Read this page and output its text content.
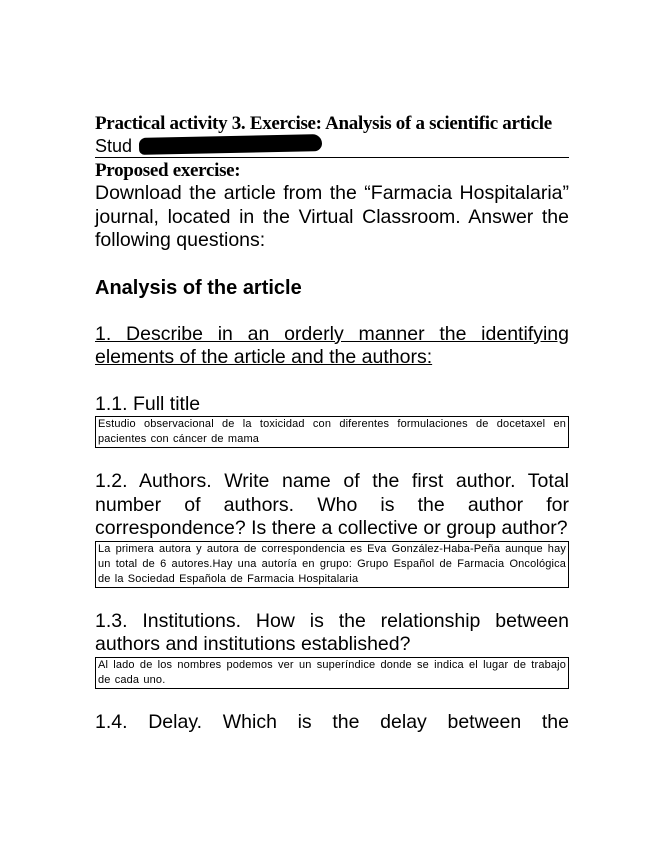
Practical activity 3. Exercise: Analysis of a scientific article
Stud
Proposed exercise:
Download the article from the “Farmacia Hospitalaria” journal, located in the Virtual Classroom. Answer the following questions:
Analysis of the article
1. Describe in an orderly manner the identifying elements of the article and the authors:
1.1. Full title
Estudio observacional de la toxicidad con diferentes formulaciones de docetaxel en pacientes con cáncer de mama
1.2. Authors. Write name of the first author. Total number of authors. Who is the author for correspondence? Is there a collective or group author?
La primera autora y autora de correspondencia es Eva González-Haba-Peña aunque hay un total de 6 autores.Hay una autoría en grupo: Grupo Español de Farmacia Oncológica de la Sociedad Española de Farmacia Hospitalaria
1.3. Institutions. How is the relationship between authors and institutions established?
Al lado de los nombres podemos ver un superíndice donde se indica el lugar de trabajo de cada uno.
1.4. Delay. Which is the delay between the
